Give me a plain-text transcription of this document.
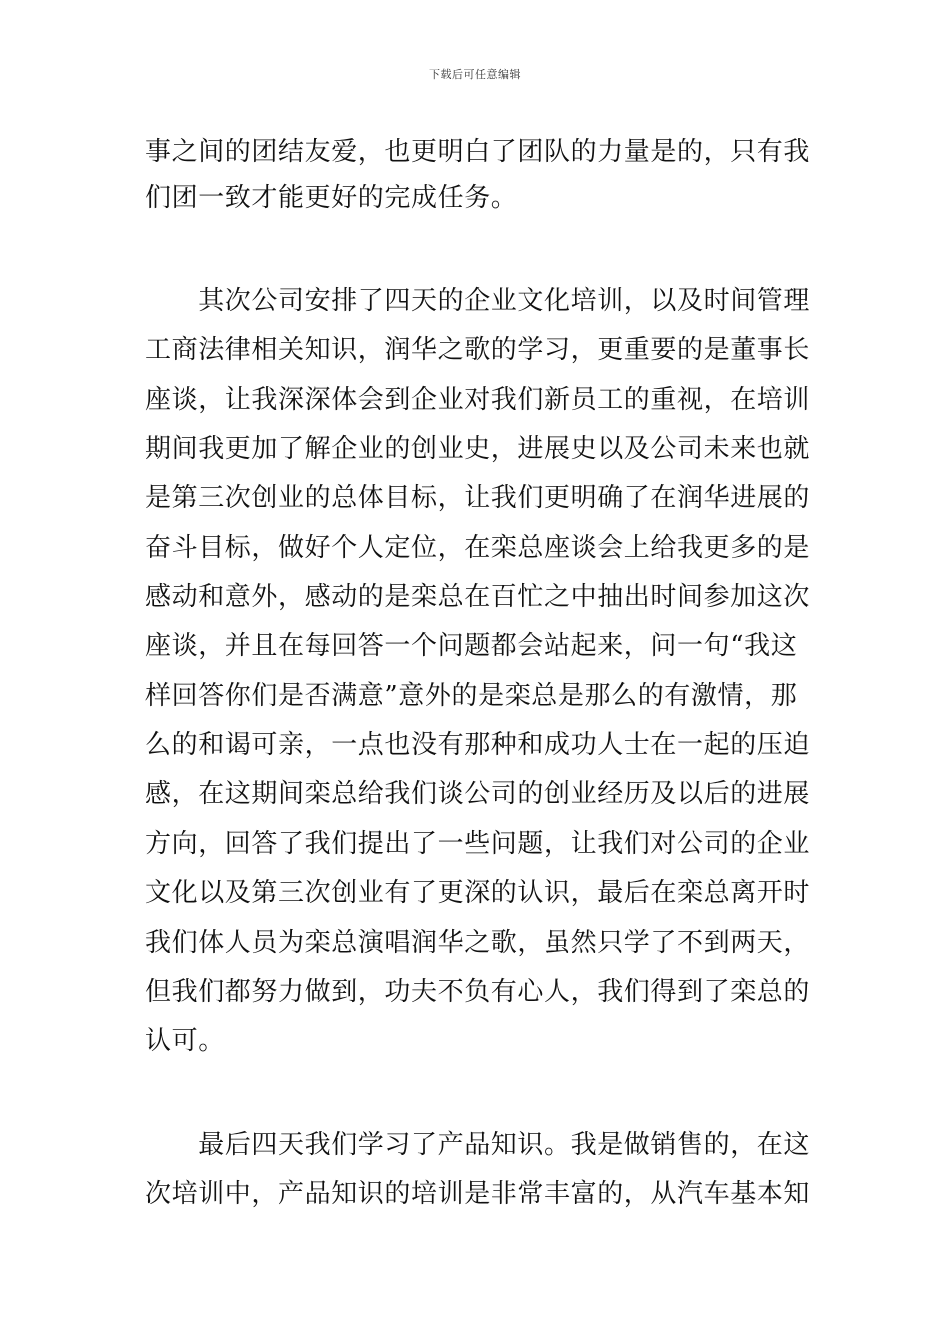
下载后可任意编辑
事之间的团结友爱，也更明白了团队的力量是的，只有我
们团一致才能更好的完成任务。
　　其次公司安排了四天的企业文化培训，以及时间管理
工商法律相关知识，润华之歌的学习，更重要的是董事长
座谈，让我深深体会到企业对我们新员工的重视，在培训
期间我更加了解企业的创业史，进展史以及公司未来也就
是第三次创业的总体目标，让我们更明确了在润华进展的
奋斗目标，做好个人定位，在栾总座谈会上给我更多的是
感动和意外，感动的是栾总在百忙之中抽出时间参加这次
座谈，并且在每回答一个问题都会站起来，问一句“我这
样回答你们是否满意”意外的是栾总是那么的有激情，那
么的和谒可亲，一点也没有那种和成功人士在一起的压迫
感，在这期间栾总给我们谈公司的创业经历及以后的进展
方向，回答了我们提出了一些问题，让我们对公司的企业
文化以及第三次创业有了更深的认识，最后在栾总离开时
我们体人员为栾总演唱润华之歌，虽然只学了不到两天，
但我们都努力做到，功夫不负有心人，我们得到了栾总的
认可。
　　最后四天我们学习了产品知识。我是做销售的，在这
次培训中，产品知识的培训是非常丰富的，从汽车基本知
